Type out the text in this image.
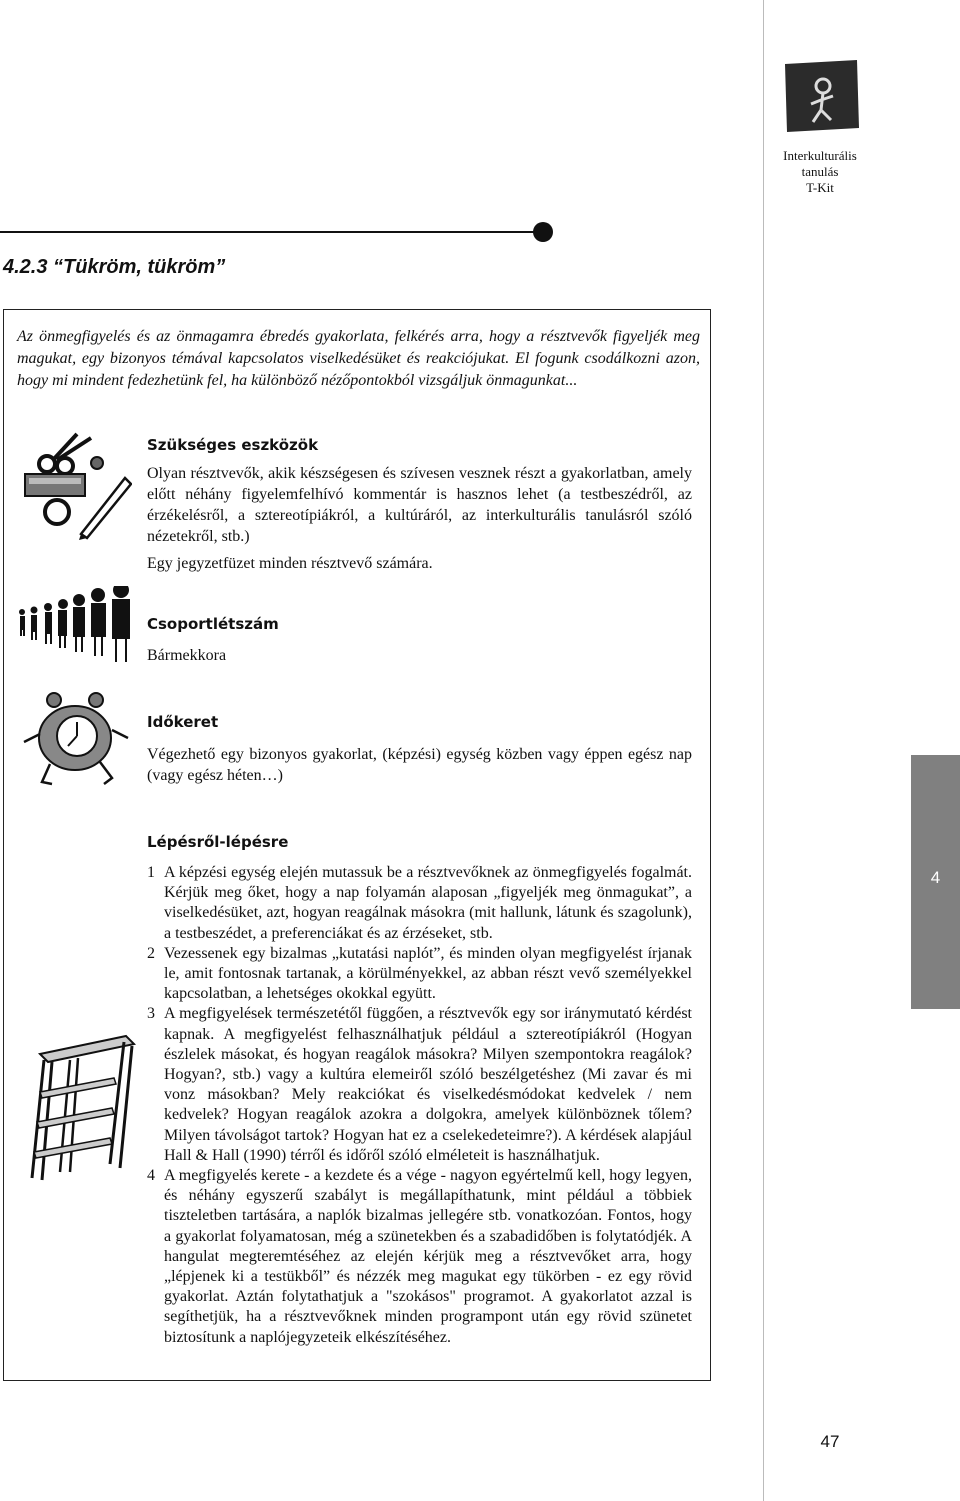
Interkulturális
tanulás
T-Kit
4.2.3 “Tükröm, tükröm”
Az önmegfigyelés és az önmagamra ébredés gyakorlata, felkérés arra, hogy a résztvevők figyeljék meg magukat, egy bizonyos témával kapcsolatos viselkedésüket és reakciójukat. El fogunk csodálkozni azon, hogy mi mindent fedezhetünk fel, ha különböző nézőpontokból vizsgáljuk önmagunkat...
Szükséges eszközök
Olyan résztvevők, akik készségesen és szívesen vesznek részt a gyakorlatban, amely előtt néhány figyelemfelhívó kommentár is hasznos lehet (a testbeszédről, az érzékelésről, a sztereotípiákról, a kultúráról, az interkulturális tanulásról szóló nézetekről, stb.)
Egy jegyzetfüzet minden résztvevő számára.
Csoportlétszám
Bármekkora
Időkeret
Végezhető egy bizonyos gyakorlat, (képzési) egység közben vagy éppen egész nap (vagy egész héten…)
Lépésről-lépésre
1 A képzési egység elején mutassuk be a résztvevőknek az önmegfigyelés fogalmát. Kérjük meg őket, hogy a nap folyamán alaposan „figyeljék meg önmagukat”, a viselkedésüket, azt, hogyan reagálnak másokra (mit hallunk, látunk és szagolunk), a testbeszédet, a preferenciákat és az érzéseket, stb.
2 Vezessenek egy bizalmas „kutatási naplót”, és minden olyan megfigyelést írjanak le, amit fontosnak tartanak, a körülményekkel, az abban részt vevő személyekkel kapcsolatban, a lehetséges okokkal együtt.
3 A megfigyelések természetétől függően, a résztvevők egy sor iránymutató kérdést kapnak. A megfigyelést felhasználhatjuk például a sztereotípiákról (Hogyan észlelek másokat, és hogyan reagálok másokra? Milyen szempontokra reagálok? Hogyan?, stb.) vagy a kultúra elemeiről szóló beszélgetéshez (Mi zavar és mi vonz másokban? Mely reakciókat és viselkedésmódokat kedvelek / nem kedvelek? Hogyan reagálok azokra a dolgokra, amelyek különböznek tőlem? Milyen távolságot tartok? Hogyan hat ez a cselekedeteimre?). A kérdések alapjául Hall & Hall (1990) térről és időről szóló elméleteit is használhatjuk.
4 A megfigyelés kerete - a kezdete és a vége - nagyon egyértelmű kell, hogy legyen, és néhány egyszerű szabályt is megállapíthatunk, mint például a többiek tiszteletben tartására, a naplók bizalmas jellegére stb. vonatkozóan. Fontos, hogy a gyakorlat folyamatosan, még a szünetekben és a szabadidőben is folytatódjék. A hangulat megteremtéséhez az elején kérjük meg a résztvevőket arra, hogy „lépjenek ki a testükből” és nézzék meg magukat egy tükörben - ez egy rövid gyakorlat. Aztán folytathatjuk a "szokásos" programot. A gyakorlatot azzal is segíthetjük, ha a résztvevőknek minden programpont után egy rövid szünetet biztosítunk a naplójegyzeteik elkészítéséhez.
4
47
